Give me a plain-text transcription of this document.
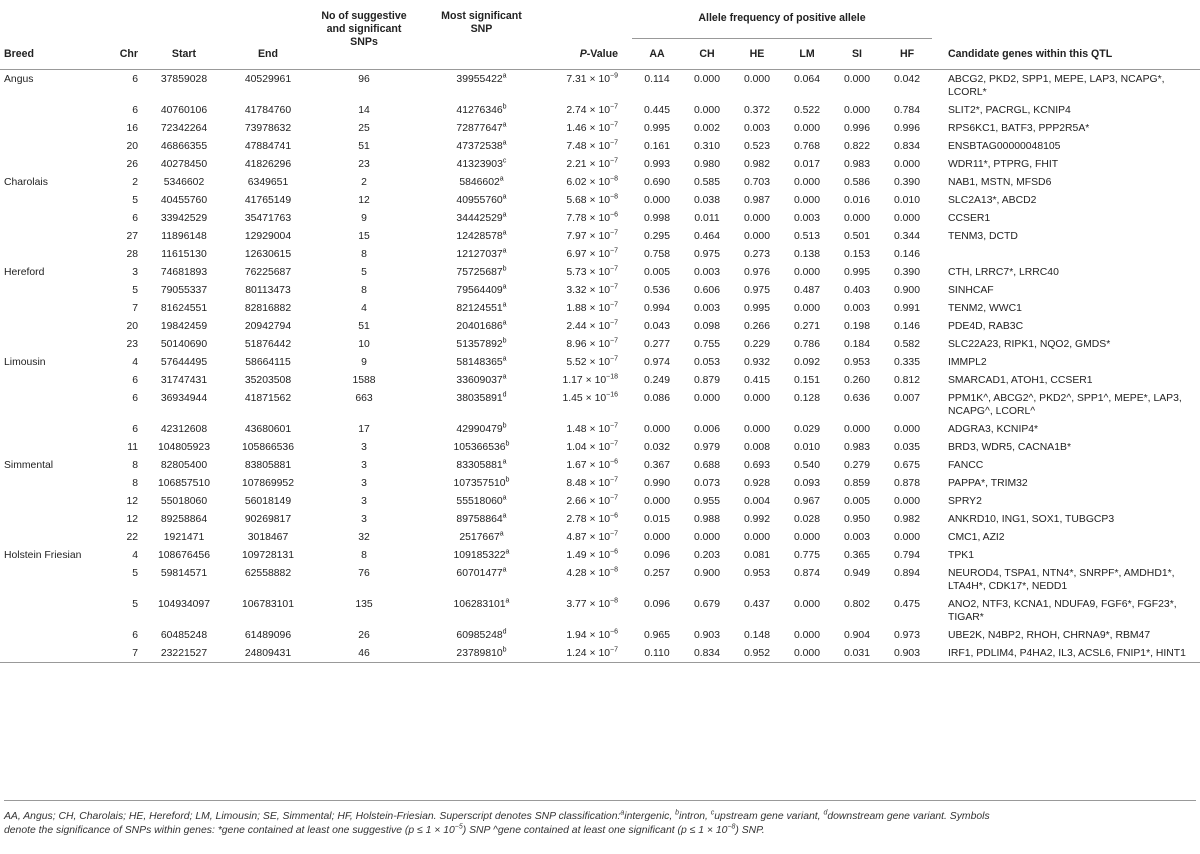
				No of suggestive and significant SNPs	Most significant SNP		Allele frequency of positive allele							
Breed	Chr	Start	End			P-Value	AA	CH	HE	LM	SI	HF		Candidate genes within this QTL
Angus	6	37859028	40529961	96	39955422$^a$	$7.31 \times 10^{-9}$	0.114	0.000	0.000	0.064	0.000	0.042		ABCG2, PKD2, SPP1, MEPE, LAP3, NCAPG*, LCORL*
	6	40760106	41784760	14	41276346$^b$	$2.74 \times 10^{-7}$	0.445	0.000	0.372	0.522	0.000	0.784		SLIT2*, PACRGL, KCNIP4
	16	72342264	73978632	25	72877647$^a$	$1.46 \times 10^{-7}$	0.995	0.002	0.003	0.000	0.996	0.996		RPS6KC1, BATF3, PPP2R5A*
	20	46866355	47884741	51	47372538$^a$	$7.48 \times 10^{-7}$	0.161	0.310	0.523	0.768	0.822	0.834		ENSBTAG00000048105
	26	40278450	41826296	23	41323903$^c$	$2.21 \times 10^{-7}$	0.993	0.980	0.982	0.017	0.983	0.000		WDR11*, PTPRG, FHIT
Charolais	2	5346602	6349651	2	5846602$^a$	$6.02 \times 10^{-8}$	0.690	0.585	0.703	0.000	0.586	0.390		NAB1, MSTN, MFSD6
	5	40455760	41765149	12	40955760$^a$	$5.68 \times 10^{-8}$	0.000	0.038	0.987	0.000	0.016	0.010		SLC2A13*, ABCD2
	6	33942529	35471763	9	34442529$^a$	$7.78 \times 10^{-6}$	0.998	0.011	0.000	0.003	0.000	0.000		CCSER1
	27	11896148	12929004	15	12428578$^a$	$7.97 \times 10^{-7}$	0.295	0.464	0.000	0.513	0.501	0.344		TENM3, DCTD
	28	11615130	12630615	8	12127037$^a$	$6.97 \times 10^{-7}$	0.758	0.975	0.273	0.138	0.153	0.146		
Hereford	3	74681893	76225687	5	75725687$^b$	$5.73 \times 10^{-7}$	0.005	0.003	0.976	0.000	0.995	0.390		CTH, LRRC7*, LRRC40
	5	79055337	80113473	8	79564409$^a$	$3.32 \times 10^{-7}$	0.536	0.606	0.975	0.487	0.403	0.900		SINHCAF
	7	81624551	82816882	4	82124551$^a$	$1.88 \times 10^{-7}$	0.994	0.003	0.995	0.000	0.003	0.991		TENM2, WWC1
	20	19842459	20942794	51	20401686$^a$	$2.44 \times 10^{-7}$	0.043	0.098	0.266	0.271	0.198	0.146		PDE4D, RAB3C
	23	50140690	51876442	10	51357892$^b$	$8.96 \times 10^{-7}$	0.277	0.755	0.229	0.786	0.184	0.582		SLC22A23, RIPK1, NQO2, GMDS*
Limousin	4	57644495	58664115	9	58148365$^a$	$5.52 \times 10^{-7}$	0.974	0.053	0.932	0.092	0.953	0.335		IMMPL2
	6	31747431	35203508	1588	33609037$^a$	$1.17 \times 10^{-18}$	0.249	0.879	0.415	0.151	0.260	0.812		SMARCAD1, ATOH1, CCSER1
	6	36934944	41871562	663	38035891$^d$	$1.45 \times 10^{-16}$	0.086	0.000	0.000	0.128	0.636	0.007		PPM1K^, ABCG2^, PKD2^, SPP1^, MEPE*, LAP3, NCAPG^, LCORL^
	6	42312608	43680601	17	42990479$^b$	$1.48 \times 10^{-7}$	0.000	0.006	0.000	0.029	0.000	0.000		ADGRA3, KCNIP4*
	11	104805923	105866536	3	105366536$^b$	$1.04 \times 10^{-7}$	0.032	0.979	0.008	0.010	0.983	0.035		BRD3, WDR5, CACNA1B*
Simmental	8	82805400	83805881	3	83305881$^a$	$1.67 \times 10^{-6}$	0.367	0.688	0.693	0.540	0.279	0.675		FANCC
	8	106857510	107869952	3	107357510$^b$	$8.48 \times 10^{-7}$	0.990	0.073	0.928	0.093	0.859	0.878		PAPPA*, TRIM32
	12	55018060	56018149	3	55518060$^a$	$2.66 \times 10^{-7}$	0.000	0.955	0.004	0.967	0.005	0.000		SPRY2
	12	89258864	90269817	3	89758864$^a$	$2.78 \times 10^{-6}$	0.015	0.988	0.992	0.028	0.950	0.982		ANKRD10, ING1, SOX1, TUBGCP3
	22	1921471	3018467	32	2517667$^a$	$4.87 \times 10^{-7}$	0.000	0.000	0.000	0.000	0.003	0.000		CMC1, AZI2
Holstein Friesian	4	108676456	109728131	8	109185322$^a$	$1.49 \times 10^{-6}$	0.096	0.203	0.081	0.775	0.365	0.794		TPK1
	5	59814571	62558882	76	60701477$^a$	$4.28 \times 10^{-8}$	0.257	0.900	0.953	0.874	0.949	0.894		NEUROD4, TSPA1, NTN4*, SNRPF*, AMDHD1*, LTA4H*, CDK17*, NEDD1
	5	104934097	106783101	135	106283101$^a$	$3.77 \times 10^{-8}$	0.096	0.679	0.437	0.000	0.802	0.475		ANO2, NTF3, KCNA1, NDUFA9, FGF6*, FGF23*, TIGAR*
	6	60485248	61489096	26	60985248$^d$	$1.94 \times 10^{-6}$	0.965	0.903	0.148	0.000	0.904	0.973		UBE2K, N4BP2, RHOH, CHRNA9*, RBM47
	7	23221527	24809431	46	23789810$^b$	$1.24 \times 10^{-7}$	0.110	0.834	0.952	0.000	0.031	0.903		IRF1, PDLIM4, P4HA2, IL3, ACSL6, FNIP1*, HINT1
AA, Angus; CH, Charolais; HE, Hereford; LM, Limousin; SE, Simmental; HF, Holstein-Friesian. Superscript denotes SNP classification:$^a$intergenic, $^b$intron, $^c$upstream gene variant, $^d$downstream gene variant. Symbols
denote the significance of SNPs within genes: *gene contained at least one suggestive $(p \le 1 \times 10^{-5})$ SNP ^gene contained at least one significant $(p \le 1 \times 10^{-8})$ SNP.
